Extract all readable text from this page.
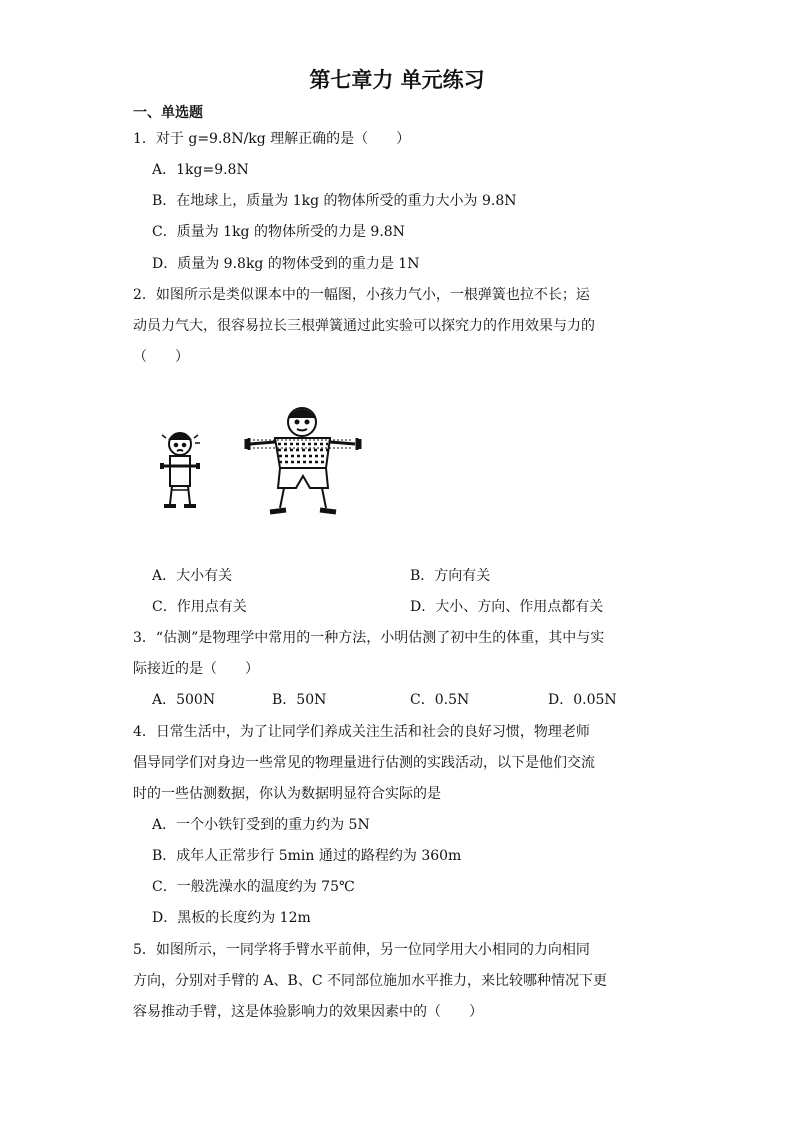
第七章力 单元练习
一、单选题
1．对于 g=9.8N/kg 理解正确的是（　　）
A．1kg=9.8N
B．在地球上，质量为 1kg 的物体所受的重力大小为 9.8N
C．质量为 1kg 的物体所受的力是 9.8N
D．质量为 9.8kg 的物体受到的重力是 1N
2．如图所示是类似课本中的一幅图，小孩力气小，一根弹簧也拉不长；运
动员力气大，很容易拉长三根弹簧通过此实验可以探究力的作用效果与力的
（　　）
A．大小有关	B．方向有关
C．作用点有关	D．大小、方向、作用点都有关
3．“估测”是物理学中常用的一种方法，小明估测了初中生的体重，其中与实
际接近的是（　　）
A．500N	B．50N	C．0.5N	D．0.05N
4．日常生活中，为了让同学们养成关注生活和社会的良好习惯，物理老师
倡导同学们对身边一些常见的物理量进行估测的实践活动，以下是他们交流
时的一些估测数据，你认为数据明显符合实际的是
A．一个小铁钉受到的重力约为 5N
B．成年人正常步行 5min 通过的路程约为 360m
C．一般洗澡水的温度约为 75℃
D．黑板的长度约为 12m
5．如图所示，一同学将手臂水平前伸，另一位同学用大小相同的力向相同
方向，分别对手臂的 A、B、C 不同部位施加水平推力，来比较哪种情况下更
容易推动手臂，这是体验影响力的效果因素中的（　　）
